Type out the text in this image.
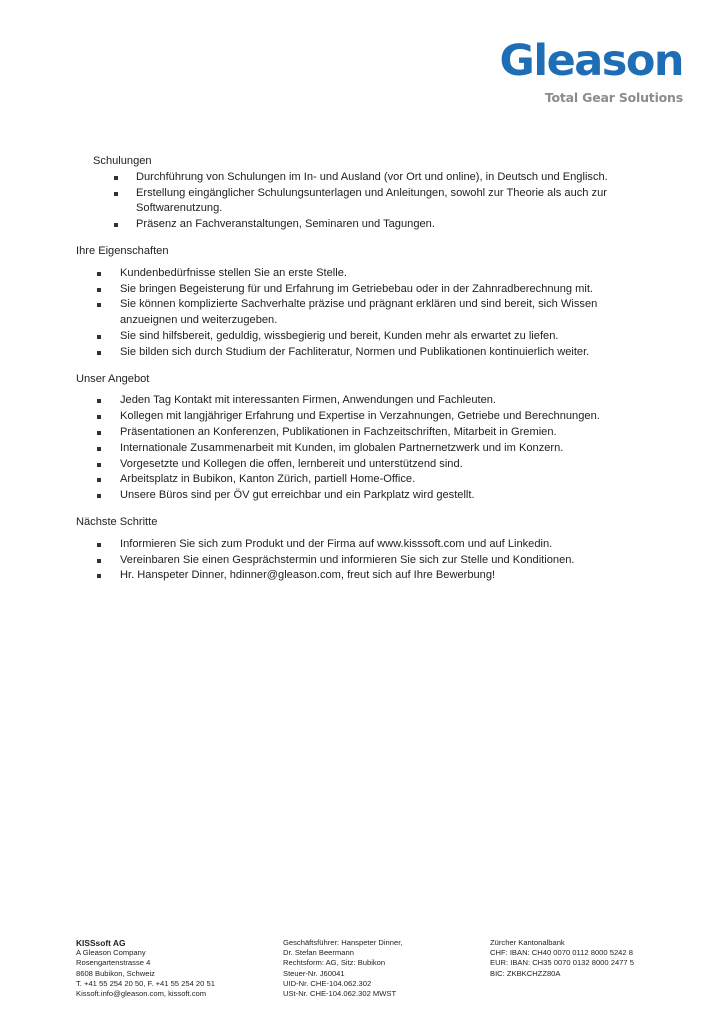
Gleason
Total Gear Solutions

Schulungen

Durchführung von Schulungen im In- und Ausland (vor Ort und online), in Deutsch und Englisch.
Erstellung eingänglicher Schulungsunterlagen und Anleitungen, sowohl zur Theorie als auch zur Softwarenutzung.
Präsenz an Fachveranstaltungen, Seminaren und Tagungen.

Ihre Eigenschaften

Kundenbedürfnisse stellen Sie an erste Stelle.
Sie bringen Begeisterung für und Erfahrung im Getriebebau oder in der Zahnradberechnung mit.
Sie können komplizierte Sachverhalte präzise und prägnant erklären und sind bereit, sich Wissen anzueignen und weiterzugeben.
Sie sind hilfsbereit, geduldig, wissbegierig und bereit, Kunden mehr als erwartet zu liefen.
Sie bilden sich durch Studium der Fachliteratur, Normen und Publikationen kontinuierlich weiter.

Unser Angebot

Jeden Tag Kontakt mit interessanten Firmen, Anwendungen und Fachleuten.
Kollegen mit langjähriger Erfahrung und Expertise in Verzahnungen, Getriebe und Berechnungen.
Präsentationen an Konferenzen, Publikationen in Fachzeitschriften, Mitarbeit in Gremien.
Internationale Zusammenarbeit mit Kunden, im globalen Partnernetzwerk und im Konzern.
Vorgesetzte und Kollegen die offen, lernbereit und unterstützend sind.
Arbeitsplatz in Bubikon, Kanton Zürich, partiell Home-Office.
Unsere Büros sind per ÖV gut erreichbar und ein Parkplatz wird gestellt.

Nächste Schritte

Informieren Sie sich zum Produkt und der Firma auf www.kisssoft.com und auf Linkedin.
Vereinbaren Sie einen Gesprächstermin und informieren Sie sich zur Stelle und Konditionen.
Hr. Hanspeter Dinner, hdinner@gleason.com, freut sich auf Ihre Bewerbung!
KISSsoft AG
A Gleason Company
Rosengartenstrasse 4
8608 Bubikon, Schweiz
T. +41 55 254 20 50, F. +41 55 254 20 51
Kissoft.info@gleason.com, kissoft.com
Geschäftsführer: Hanspeter Dinner,
Dr. Stefan Beermann
Rechtsform: AG, Sitz: Bubikon
Steuer-Nr. J60041
UID-Nr. CHE-104.062.302
USt-Nr. CHE-104.062.302 MWST
Zürcher Kantonalbank
CHF: IBAN: CH40 0070 0112 8000 5242 8
EUR: IBAN: CH35 0070 0132 8000 2477 5
BIC: ZKBKCHZZ80A
